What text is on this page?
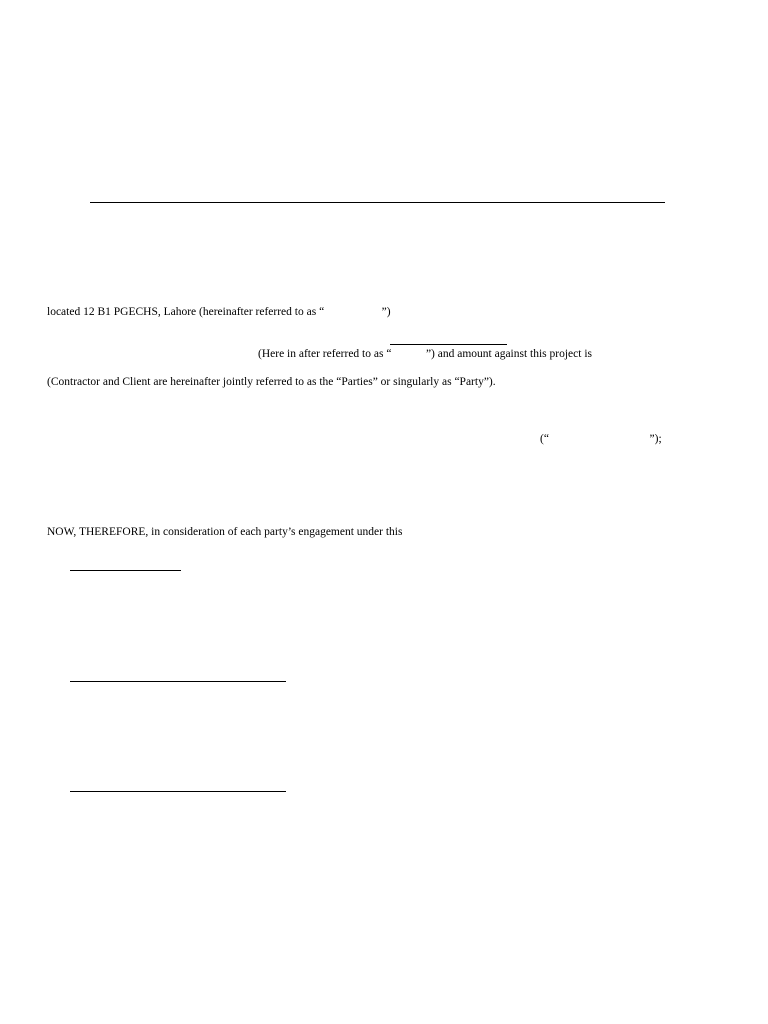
located 12 B1 PGECHS, Lahore (hereinafter referred to as “                    ”)
(Here in after referred to as “            ”) and amount against this project is
(Contractor and Client are hereinafter jointly referred to as the “Parties” or singularly as “Party”).
(“                                   ”);
NOW, THEREFORE, in consideration of each party’s engagement under this
